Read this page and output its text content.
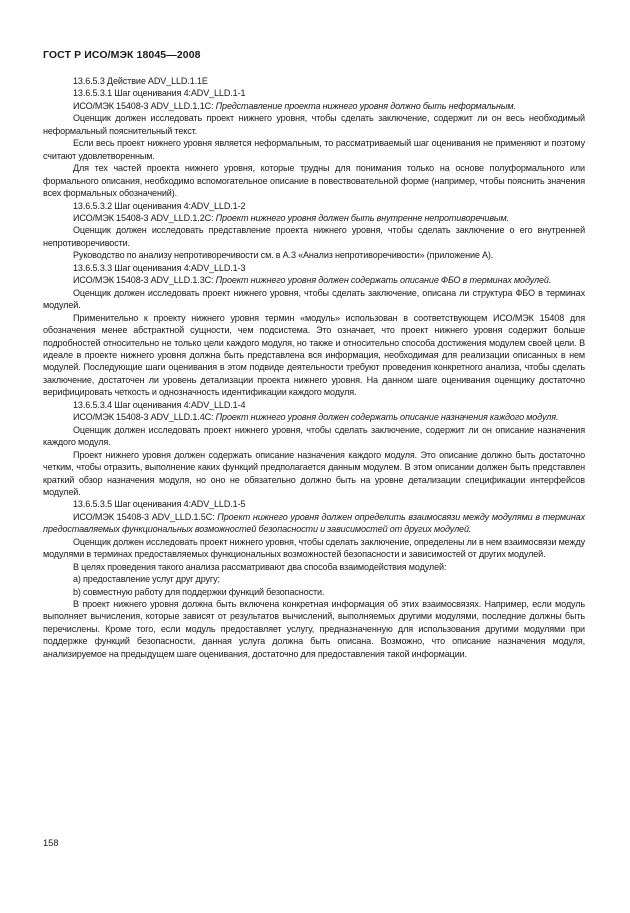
ГОСТ Р ИСО/МЭК 18045—2008

13.6.5.3 Действие ADV_LLD.1.1E

13.6.5.3.1 Шаг оценивания 4:ADV_LLD.1-1

ИСО/МЭК 15408-3 ADV_LLD.1.1C: Представление проекта нижнего уровня должно быть неформальным.

Оценщик должен исследовать проект нижнего уровня, чтобы сделать заключение, содержит ли он весь необходимый неформальный пояснительный текст.

Если весь проект нижнего уровня является неформальным, то рассматриваемый шаг оценивания не применяют и поэтому считают удовлетворенным.

Для тех частей проекта нижнего уровня, которые трудны для понимания только на основе полуформального или формального описания, необходимо вспомогательное описание в повествовательной форме (например, чтобы пояснить значения всех формальных обозначений).

13.6.5.3.2 Шаг оценивания 4:ADV_LLD.1-2

ИСО/МЭК 15408-3 ADV_LLD.1.2C: Проект нижнего уровня должен быть внутренне непротиворечивым.

Оценщик должен исследовать представление проекта нижнего уровня, чтобы сделать заключение о его внутренней непротиворечивости.

Руководство по анализу непротиворечивости см. в А.3 «Анализ непротиворечивости» (приложение А).

13.6.5.3.3 Шаг оценивания 4:ADV_LLD.1-3

ИСО/МЭК 15408-3 ADV_LLD.1.3C: Проект нижнего уровня должен содержать описание ФБО в терминах модулей.

Оценщик должен исследовать проект нижнего уровня, чтобы сделать заключение, описана ли структура ФБО в терминах модулей.

Применительно к проекту нижнего уровня термин «модуль» использован в соответствующем ИСО/МЭК 15408 для обозначения менее абстрактной сущности, чем подсистема. Это означает, что проект нижнего уровня содержит больше подробностей относительно не только цели каждого модуля, но также и относительно способа достижения модулем своей цели. В идеале в проекте нижнего уровня должна быть представлена вся информация, необходимая для реализации описанных в нем модулей. Последующие шаги оценивания в этом подвиде деятельности требуют проведения конкретного анализа, чтобы сделать заключение, достаточен ли уровень детализации проекта нижнего уровня. На данном шаге оценивания оценщику достаточно верифицировать четкость и однозначность идентификации каждого модуля.

13.6.5.3.4 Шаг оценивания 4:ADV_LLD.1-4

ИСО/МЭК 15408-3 ADV_LLD.1.4C: Проект нижнего уровня должен содержать описание назначения каждого модуля.

Оценщик должен исследовать проект нижнего уровня, чтобы сделать заключение, содержит ли он описание назначения каждого модуля.

Проект нижнего уровня должен содержать описание назначения каждого модуля. Это описание должно быть достаточно четким, чтобы отразить, выполнение каких функций предполагается данным модулем. В этом описании должен быть представлен краткий обзор назначения модуля, но оно не обязательно должно быть на уровне детализации спецификации интерфейсов модулей.

13.6.5.3.5 Шаг оценивания 4:ADV_LLD.1-5

ИСО/МЭК 15408-3 ADV_LLD.1.5C: Проект нижнего уровня должен определить взаимосвязи между модулями в терминах предоставляемых функциональных возможностей безопасности и зависимостей от других модулей.

Оценщик должен исследовать проект нижнего уровня, чтобы сделать заключение, определены ли в нем взаимосвязи между модулями в терминах предоставляемых функциональных возможностей безопасности и зависимостей от других модулей.

В целях проведения такого анализа рассматривают два способа взаимодействия модулей:

a) предоставление услуг друг другу;

b) совместную работу для поддержки функций безопасности.

В проект нижнего уровня должна быть включена конкретная информация об этих взаимосвязях. Например, если модуль выполняет вычисления, которые зависят от результатов вычислений, выполняемых другими модулями, последние должны быть перечислены. Кроме того, если модуль предоставляет услугу, предназначенную для использования другими модулями при поддержке функций безопасности, данная услуга должна быть описана. Возможно, что описание назначения модуля, анализируемое на предыдущем шаге оценивания, достаточно для предоставления такой информации.

158
